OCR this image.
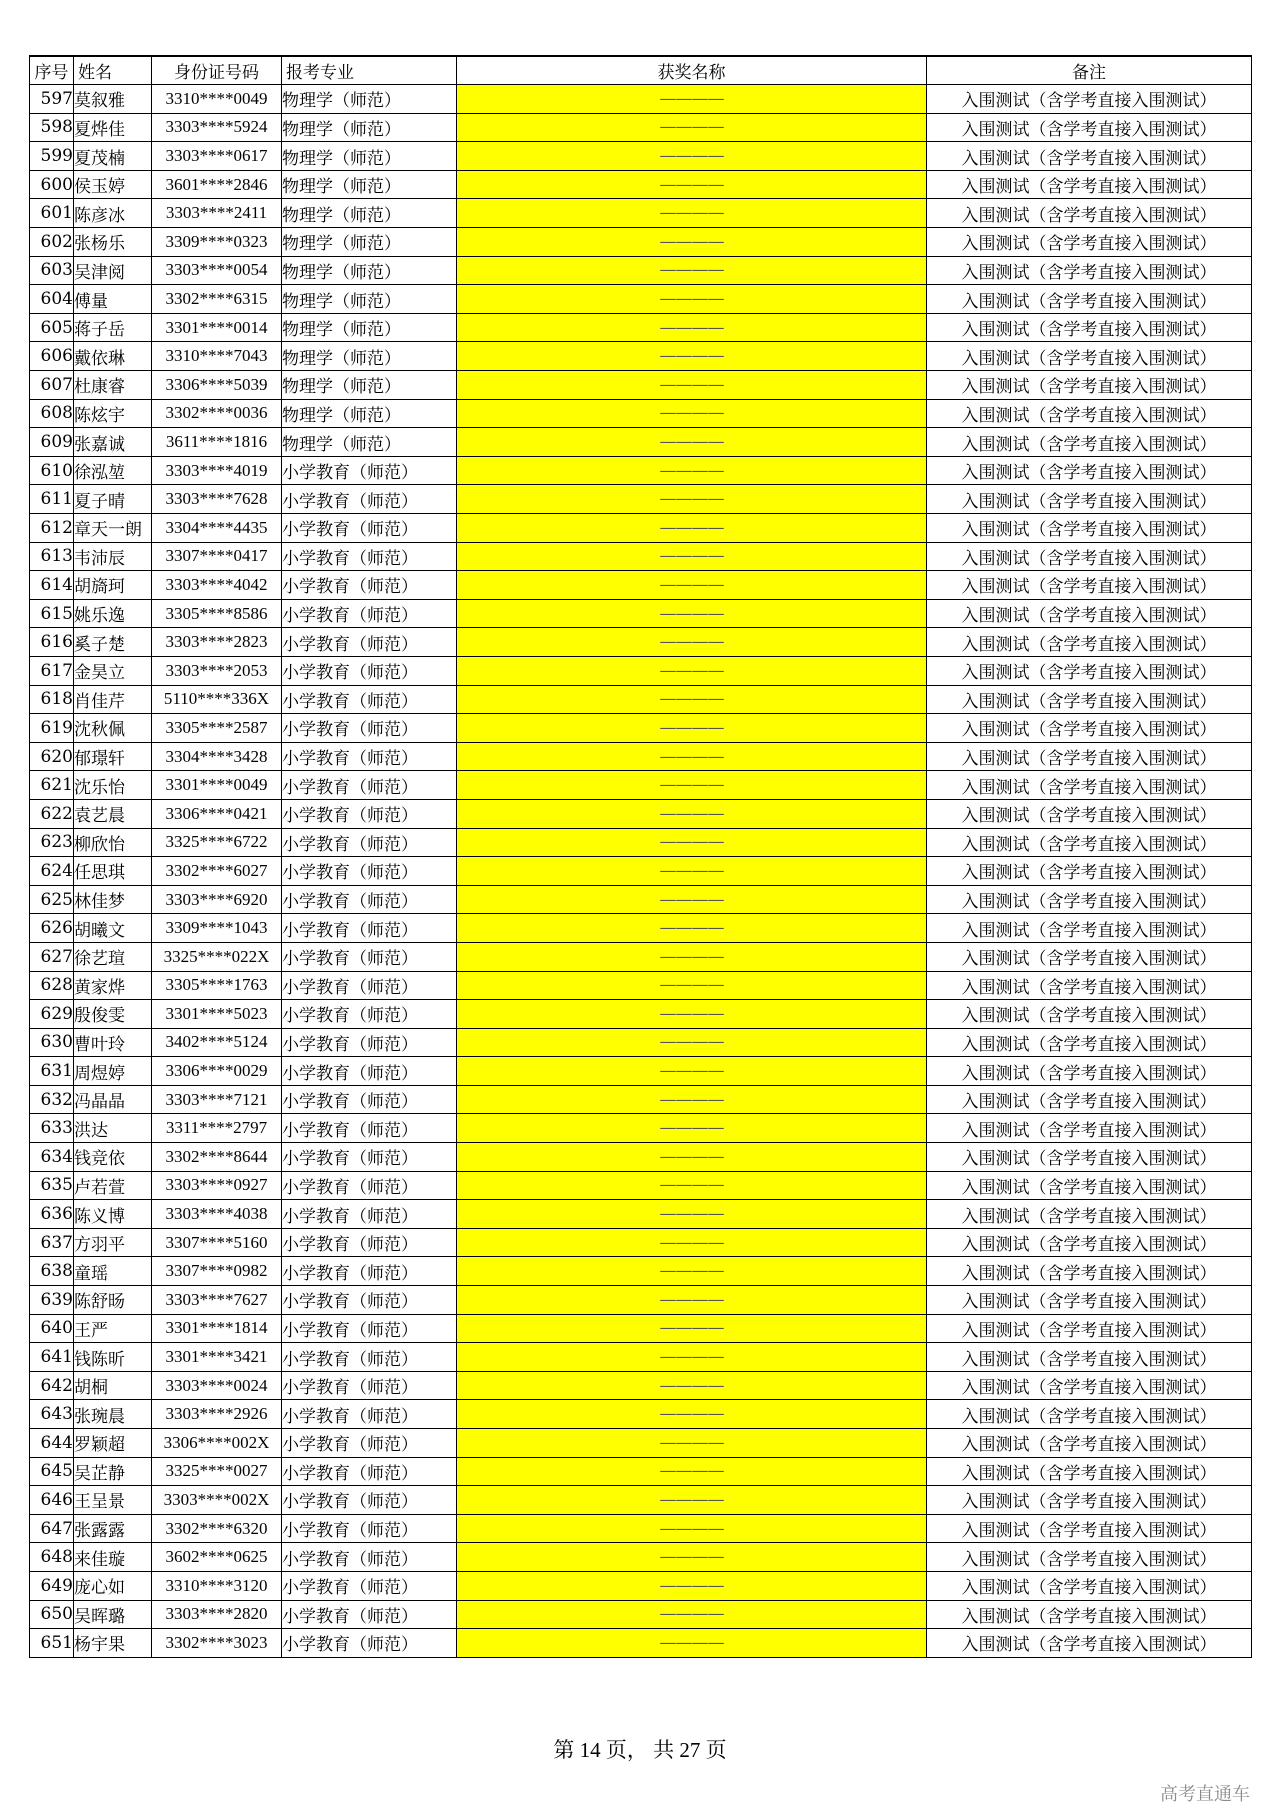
序号	姓名	身份证号码	报考专业	获奖名称	备注
597	莫叙雅	3310****0049	物理学（师范）	————	入围测试（含学考直接入围测试）
598	夏烨佳	3303****5924	物理学（师范）	————	入围测试（含学考直接入围测试）
599	夏茂楠	3303****0617	物理学（师范）	————	入围测试（含学考直接入围测试）
600	侯玉婷	3601****2846	物理学（师范）	————	入围测试（含学考直接入围测试）
601	陈彦冰	3303****2411	物理学（师范）	————	入围测试（含学考直接入围测试）
602	张杨乐	3309****0323	物理学（师范）	————	入围测试（含学考直接入围测试）
603	吴津阅	3303****0054	物理学（师范）	————	入围测试（含学考直接入围测试）
604	傅量	3302****6315	物理学（师范）	————	入围测试（含学考直接入围测试）
605	蒋子岳	3301****0014	物理学（师范）	————	入围测试（含学考直接入围测试）
606	戴依琳	3310****7043	物理学（师范）	————	入围测试（含学考直接入围测试）
607	杜康睿	3306****5039	物理学（师范）	————	入围测试（含学考直接入围测试）
608	陈炫宇	3302****0036	物理学（师范）	————	入围测试（含学考直接入围测试）
609	张嘉诚	3611****1816	物理学（师范）	————	入围测试（含学考直接入围测试）
610	徐泓堃	3303****4019	小学教育（师范）	————	入围测试（含学考直接入围测试）
611	夏子晴	3303****7628	小学教育（师范）	————	入围测试（含学考直接入围测试）
612	章天一朗	3304****4435	小学教育（师范）	————	入围测试（含学考直接入围测试）
613	韦沛辰	3307****0417	小学教育（师范）	————	入围测试（含学考直接入围测试）
614	胡旖珂	3303****4042	小学教育（师范）	————	入围测试（含学考直接入围测试）
615	姚乐逸	3305****8586	小学教育（师范）	————	入围测试（含学考直接入围测试）
616	奚子楚	3303****2823	小学教育（师范）	————	入围测试（含学考直接入围测试）
617	金昊立	3303****2053	小学教育（师范）	————	入围测试（含学考直接入围测试）
618	肖佳芹	5110****336X	小学教育（师范）	————	入围测试（含学考直接入围测试）
619	沈秋佩	3305****2587	小学教育（师范）	————	入围测试（含学考直接入围测试）
620	郁璟轩	3304****3428	小学教育（师范）	————	入围测试（含学考直接入围测试）
621	沈乐怡	3301****0049	小学教育（师范）	————	入围测试（含学考直接入围测试）
622	袁艺晨	3306****0421	小学教育（师范）	————	入围测试（含学考直接入围测试）
623	柳欣怡	3325****6722	小学教育（师范）	————	入围测试（含学考直接入围测试）
624	任思琪	3302****6027	小学教育（师范）	————	入围测试（含学考直接入围测试）
625	林佳梦	3303****6920	小学教育（师范）	————	入围测试（含学考直接入围测试）
626	胡曦文	3309****1043	小学教育（师范）	————	入围测试（含学考直接入围测试）
627	徐艺瑄	3325****022X	小学教育（师范）	————	入围测试（含学考直接入围测试）
628	黄家烨	3305****1763	小学教育（师范）	————	入围测试（含学考直接入围测试）
629	殷俊雯	3301****5023	小学教育（师范）	————	入围测试（含学考直接入围测试）
630	曹叶玲	3402****5124	小学教育（师范）	————	入围测试（含学考直接入围测试）
631	周煜婷	3306****0029	小学教育（师范）	————	入围测试（含学考直接入围测试）
632	冯晶晶	3303****7121	小学教育（师范）	————	入围测试（含学考直接入围测试）
633	洪达	3311****2797	小学教育（师范）	————	入围测试（含学考直接入围测试）
634	钱竞依	3302****8644	小学教育（师范）	————	入围测试（含学考直接入围测试）
635	卢若萱	3303****0927	小学教育（师范）	————	入围测试（含学考直接入围测试）
636	陈义博	3303****4038	小学教育（师范）	————	入围测试（含学考直接入围测试）
637	方羽平	3307****5160	小学教育（师范）	————	入围测试（含学考直接入围测试）
638	童瑶	3307****0982	小学教育（师范）	————	入围测试（含学考直接入围测试）
639	陈舒旸	3303****7627	小学教育（师范）	————	入围测试（含学考直接入围测试）
640	王严	3301****1814	小学教育（师范）	————	入围测试（含学考直接入围测试）
641	钱陈昕	3301****3421	小学教育（师范）	————	入围测试（含学考直接入围测试）
642	胡桐	3303****0024	小学教育（师范）	————	入围测试（含学考直接入围测试）
643	张琬晨	3303****2926	小学教育（师范）	————	入围测试（含学考直接入围测试）
644	罗颖超	3306****002X	小学教育（师范）	————	入围测试（含学考直接入围测试）
645	吴芷静	3325****0027	小学教育（师范）	————	入围测试（含学考直接入围测试）
646	王呈景	3303****002X	小学教育（师范）	————	入围测试（含学考直接入围测试）
647	张露露	3302****6320	小学教育（师范）	————	入围测试（含学考直接入围测试）
648	来佳璇	3602****0625	小学教育（师范）	————	入围测试（含学考直接入围测试）
649	庞心如	3310****3120	小学教育（师范）	————	入围测试（含学考直接入围测试）
650	吴晖璐	3303****2820	小学教育（师范）	————	入围测试（含学考直接入围测试）
651	杨宇果	3302****3023	小学教育（师范）	————	入围测试（含学考直接入围测试）
第 14 页， 共 27 页
高考直通车
